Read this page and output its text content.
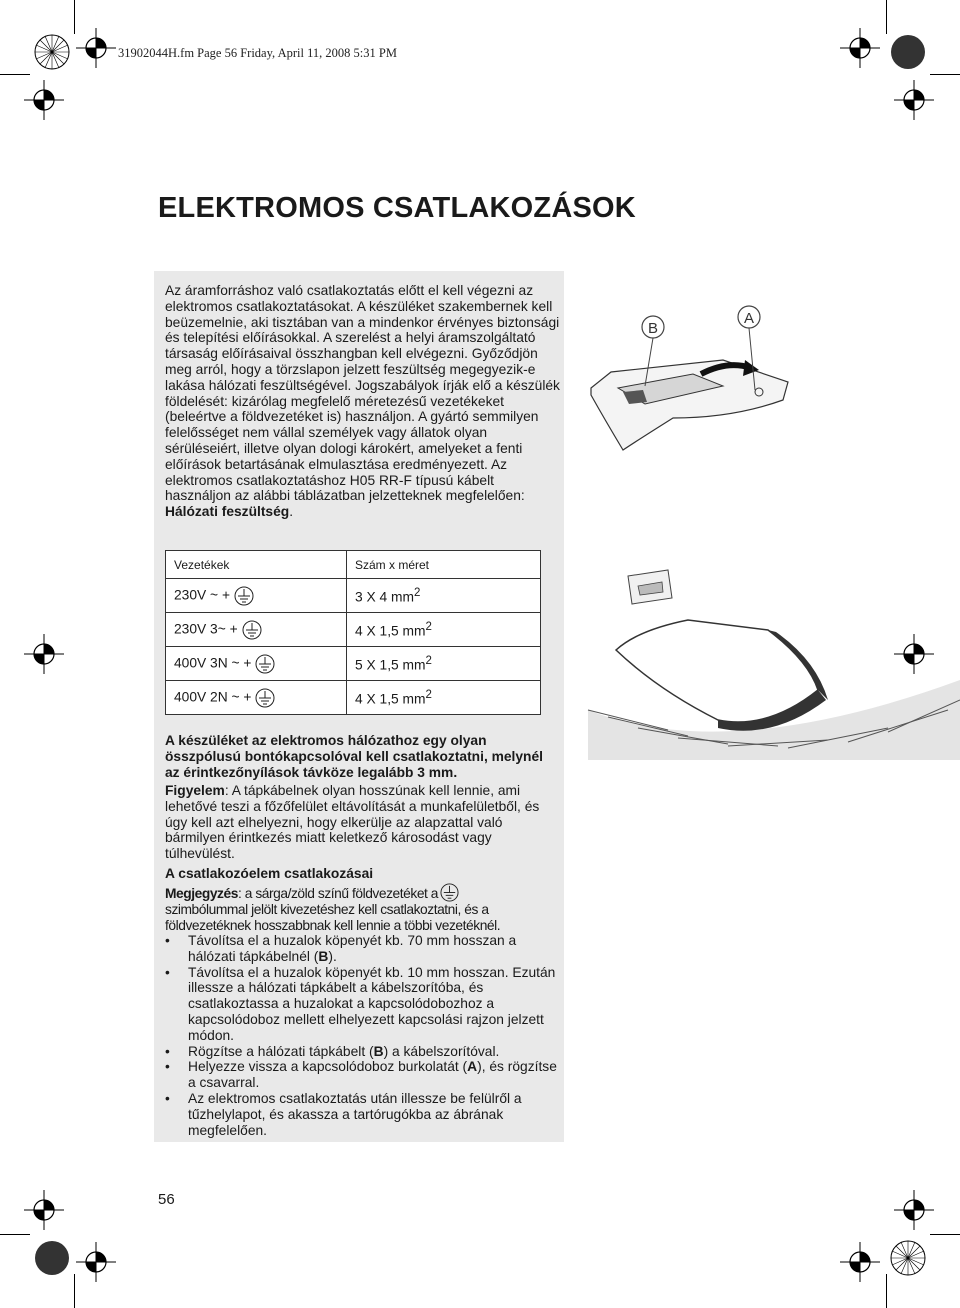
31902044H.fm Page 56 Friday, April 11, 2008 5:31 PM
ELEKTROMOS CSATLAKOZÁSOK

Az áramforráshoz való csatlakoztatás előtt el kell végezni az elektromos csatlakoztatásokat. A készüléket szakembernek kell beüzemelnie, aki tisztában van a mindenkor érvényes biztonsági és telepítési előírásokkal. A szerelést a helyi áramszolgáltató társaság előírásaival összhangban kell elvégezni. Győződjön meg arról, hogy a törzslapon jelzett feszültség megegyezik-e lakása hálózati feszültségével. Jogszabályok írják elő a készülék földelését: kizárólag megfelelő méretezésű vezetékeket (beleértve a földvezetéket is) használjon. A gyártó semmilyen felelősséget nem vállal személyek vagy állatok olyan sérüléseiért, illetve olyan dologi károkért, amelyeket a fenti előírások betartásának elmulasztása eredményezett. Az elektromos csatlakoztatáshoz H05 RR-F típusú kábelt használjon az alábbi táblázatban jelzetteknek megfelelően: Hálózati feszültség.

Vezetékek	Szám x méret
230V ~ +	3 X 4 $mm^2$
230V 3~ +	4 X 1,5 $mm^2$
400V 3N ~ +	5 X 1,5 $mm^2$
400V 2N ~ +	4 X 1,5 $mm^2$

A készüléket az elektromos hálózathoz egy olyan összpólusú bontókapcsolóval kell csatlakoztatni, melynél az érintkezőnyílások távköze legalább 3 mm.

Figyelem: A tápkábelnek olyan hosszúnak kell lennie, ami lehetővé teszi a főzőfelület eltávolítását a munkafelületből, és úgy kell azt elhelyezni, hogy elkerülje az alapzattal való bármilyen érintkezés miatt keletkező károsodást vagy túlhevülést.

A csatlakozóelem csatlakozásai

Megjegyzés: a sárga/zöld színű földvezetéket a
szimbólummal jelölt kivezetéshez kell csatlakoztatni, és a földvezetéknek hosszabbnak kell lennie a többi vezetéknél.

• Távolítsa el a huzalok köpenyét kb. 70 mm hosszan a hálózati tápkábelnél (B).
• Távolítsa el a huzalok köpenyét kb. 10 mm hosszan. Ezután illessze a hálózati tápkábelt a kábelszorítóba, és csatlakoztassa a huzalokat a kapcsolódobozhoz a kapcsolódoboz mellett elhelyezett kapcsolási rajzon jelzett módon.
• Rögzítse a hálózati tápkábelt (B) a kábelszorítóval.
• Helyezze vissza a kapcsolódoboz burkolatát (A), és rögzítse a csavarral.
• Az elektromos csatlakoztatás után illessze be felülről a tűzhelylapot, és akassza a tartórugókba az ábrának megfelelően.
B
A

56
